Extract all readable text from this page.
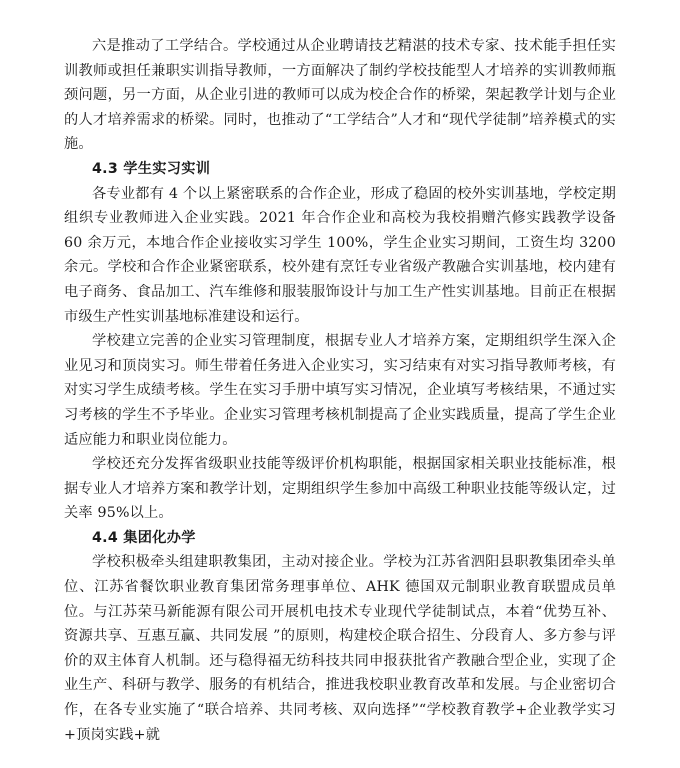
六是推动了工学结合。学校通过从企业聘请技艺精湛的技术专家、技术能手担任实训教师或担任兼职实训指导教师，一方面解决了制约学校技能型人才培养的实训教师瓶颈问题，另一方面，从企业引进的教师可以成为校企合作的桥梁，架起教学计划与企业的人才培养需求的桥梁。同时，也推动了“工学结合”人才和“现代学徒制”培养模式的实施。

4.3 学生实习实训

各专业都有 4 个以上紧密联系的合作企业，形成了稳固的校外实训基地，学校定期组织专业教师进入企业实践。2021 年合作企业和高校为我校捐赠汽修实践教学设备 60 余万元，本地合作企业接收实习学生 100%，学生企业实习期间，工资生均 3200 余元。学校和合作企业紧密联系，校外建有烹饪专业省级产教融合实训基地，校内建有电子商务、食品加工、汽车维修和服装服饰设计与加工生产性实训基地。目前正在根据市级生产性实训基地标准建设和运行。

学校建立完善的企业实习管理制度，根据专业人才培养方案，定期组织学生深入企业见习和顶岗实习。师生带着任务进入企业实习，实习结束有对实习指导教师考核，有对实习学生成绩考核。学生在实习手册中填写实习情况，企业填写考核结果，不通过实习考核的学生不予毕业。企业实习管理考核机制提高了企业实践质量，提高了学生企业适应能力和职业岗位能力。

学校还充分发挥省级职业技能等级评价机构职能，根据国家相关职业技能标准，根据专业人才培养方案和教学计划，定期组织学生参加中高级工种职业技能等级认定，过关率 95%以上。

4.4 集团化办学

学校积极牵头组建职教集团，主动对接企业。学校为江苏省泗阳县职教集团牵头单位、江苏省餐饮职业教育集团常务理事单位、AHK 德国双元制职业教育联盟成员单位。与江苏荣马新能源有限公司开展机电技术专业现代学徒制试点，本着“优势互补、资源共享、互惠互赢、共同发展 ”的原则，构建校企联合招生、分段育人、多方参与评价的双主体育人机制。还与稳得福无纺科技共同申报获批省产教融合型企业，实现了企业生产、科研与教学、服务的有机结合，推进我校职业教育改革和发展。与企业密切合作，在各专业实施了“联合培养、共同考核、双向选择”“学校教育教学+企业教学实习+顶岗实践+就
